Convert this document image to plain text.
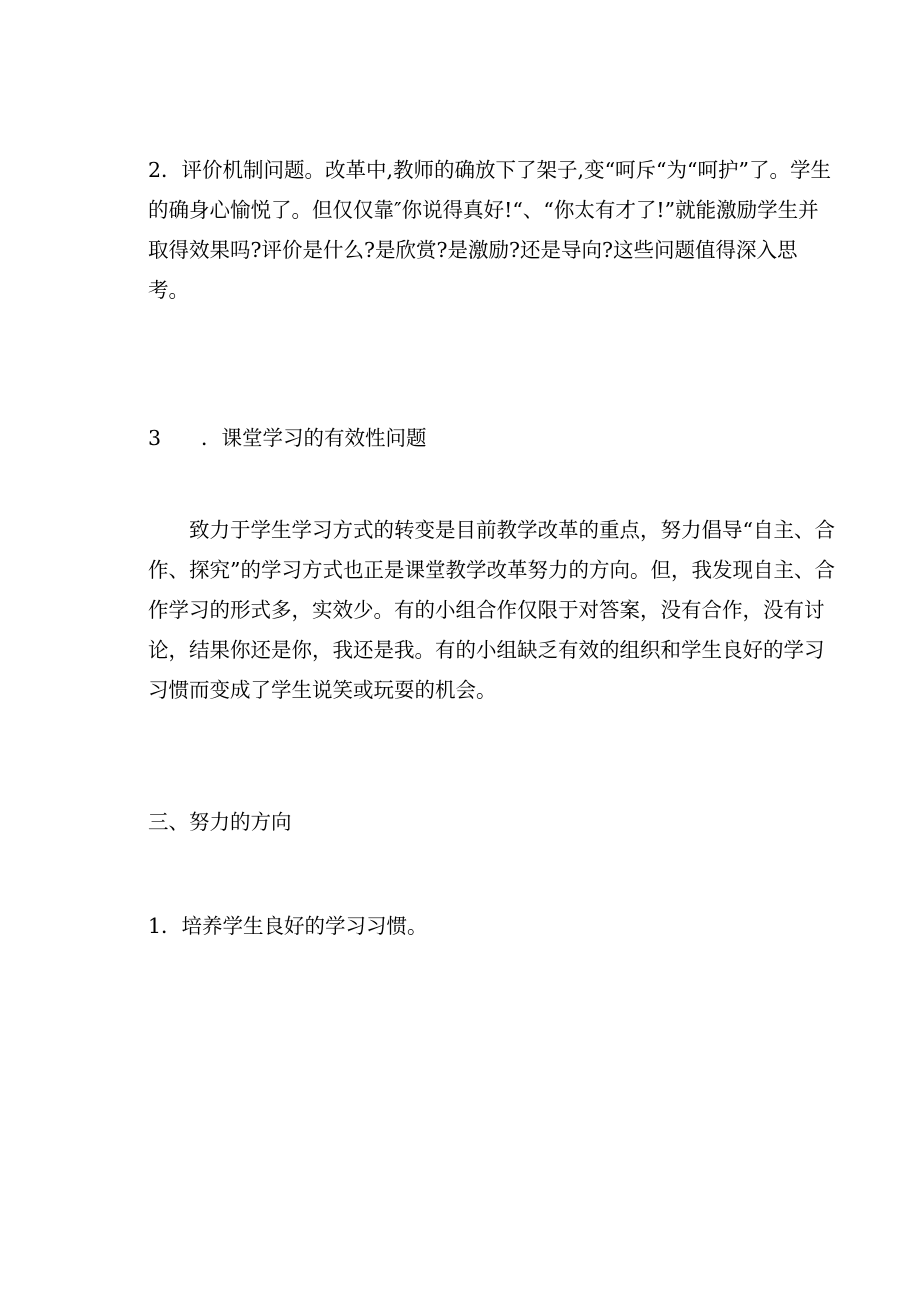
2．评价机制问题。改革中,教师的确放下了架子,变“呵斥“为“呵护”了。学生的确身心愉悦了。但仅仅靠″你说得真好!“、“你太有才了!”就能激励学生并取得效果吗?评价是什么?是欣赏?是激励?还是导向?这些问题值得深入思考。

3 ．课堂学习的有效性问题

　　致力于学生学习方式的转变是目前教学改革的重点，努力倡导“自主、合作、探究”的学习方式也正是课堂教学改革努力的方向。但，我发现自主、合作学习的形式多，实效少。有的小组合作仅限于对答案，没有合作，没有讨论，结果你还是你，我还是我。有的小组缺乏有效的组织和学生良好的学习习惯而变成了学生说笑或玩耍的机会。

三、努力的方向

1．培养学生良好的学习习惯。
